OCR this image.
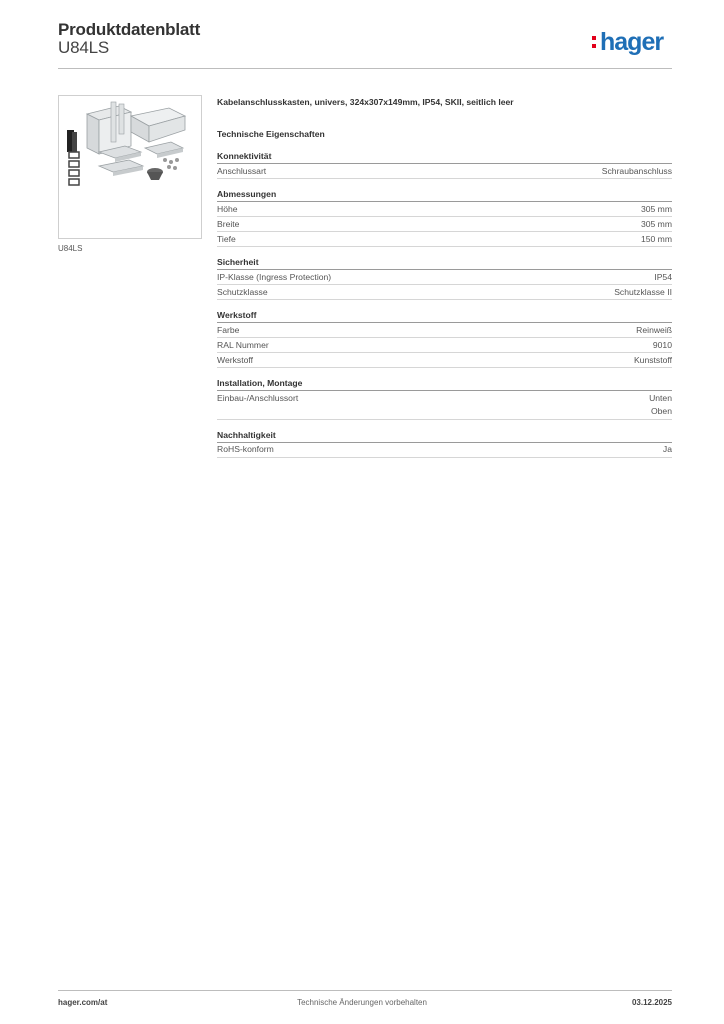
Produktdatenblatt
U84LS	hager
U84LS
Kabelanschlusskasten, univers, 324x307x149mm, IP54, SKII, seitlich leer
Technische Eigenschaften
Konnektivität
Anschlussart	Schraubanschluss
Abmessungen
Höhe	305 mm
Breite	305 mm
Tiefe	150 mm
Sicherheit
IP-Klasse (Ingress Protection)	IP54
Schutzklasse	Schutzklasse II
Werkstoff
Farbe	Reinweiß
RAL Nummer	9010
Werkstoff	Kunststoff
Installation, Montage
Einbau-/Anschlussort	Unten
Oben
Nachhaltigkeit
RoHS-konform	Ja
hager.com/at	Technische Änderungen vorbehalten	03.12.2025
